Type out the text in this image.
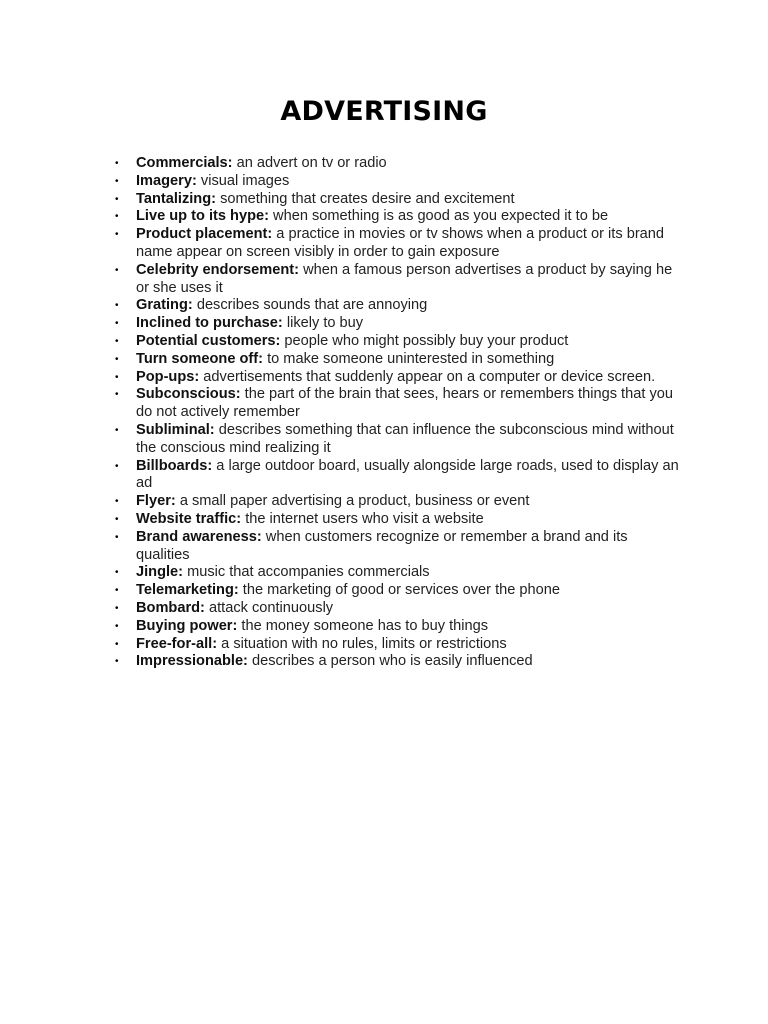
ADVERTISING
• Commercials: an advert on tv or radio
• Imagery: visual images
• Tantalizing: something that creates desire and excitement
• Live up to its hype: when something is as good as you expected it to be
• Product placement: a practice in movies or tv shows when a product or its brand name appear on screen visibly in order to gain exposure
• Celebrity endorsement: when a famous person advertises a product by saying he or she uses it
• Grating: describes sounds that are annoying
• Inclined to purchase: likely to buy
• Potential customers: people who might possibly buy your product
• Turn someone off: to make someone uninterested in something
• Pop-ups: advertisements that suddenly appear on a computer or device screen.
• Subconscious: the part of the brain that sees, hears or remembers things that you do not actively remember
• Subliminal: describes something that can influence the subconscious mind without the conscious mind realizing it
• Billboards: a large outdoor board, usually alongside large roads, used to display an ad
• Flyer: a small paper advertising a product, business or event
• Website traffic: the internet users who visit a website
• Brand awareness: when customers recognize or remember a brand and its qualities
• Jingle: music that accompanies commercials
• Telemarketing: the marketing of good or services over the phone
• Bombard: attack continuously
• Buying power: the money someone has to buy things
• Free-for-all: a situation with no rules, limits or restrictions
• Impressionable: describes a person who is easily influenced
